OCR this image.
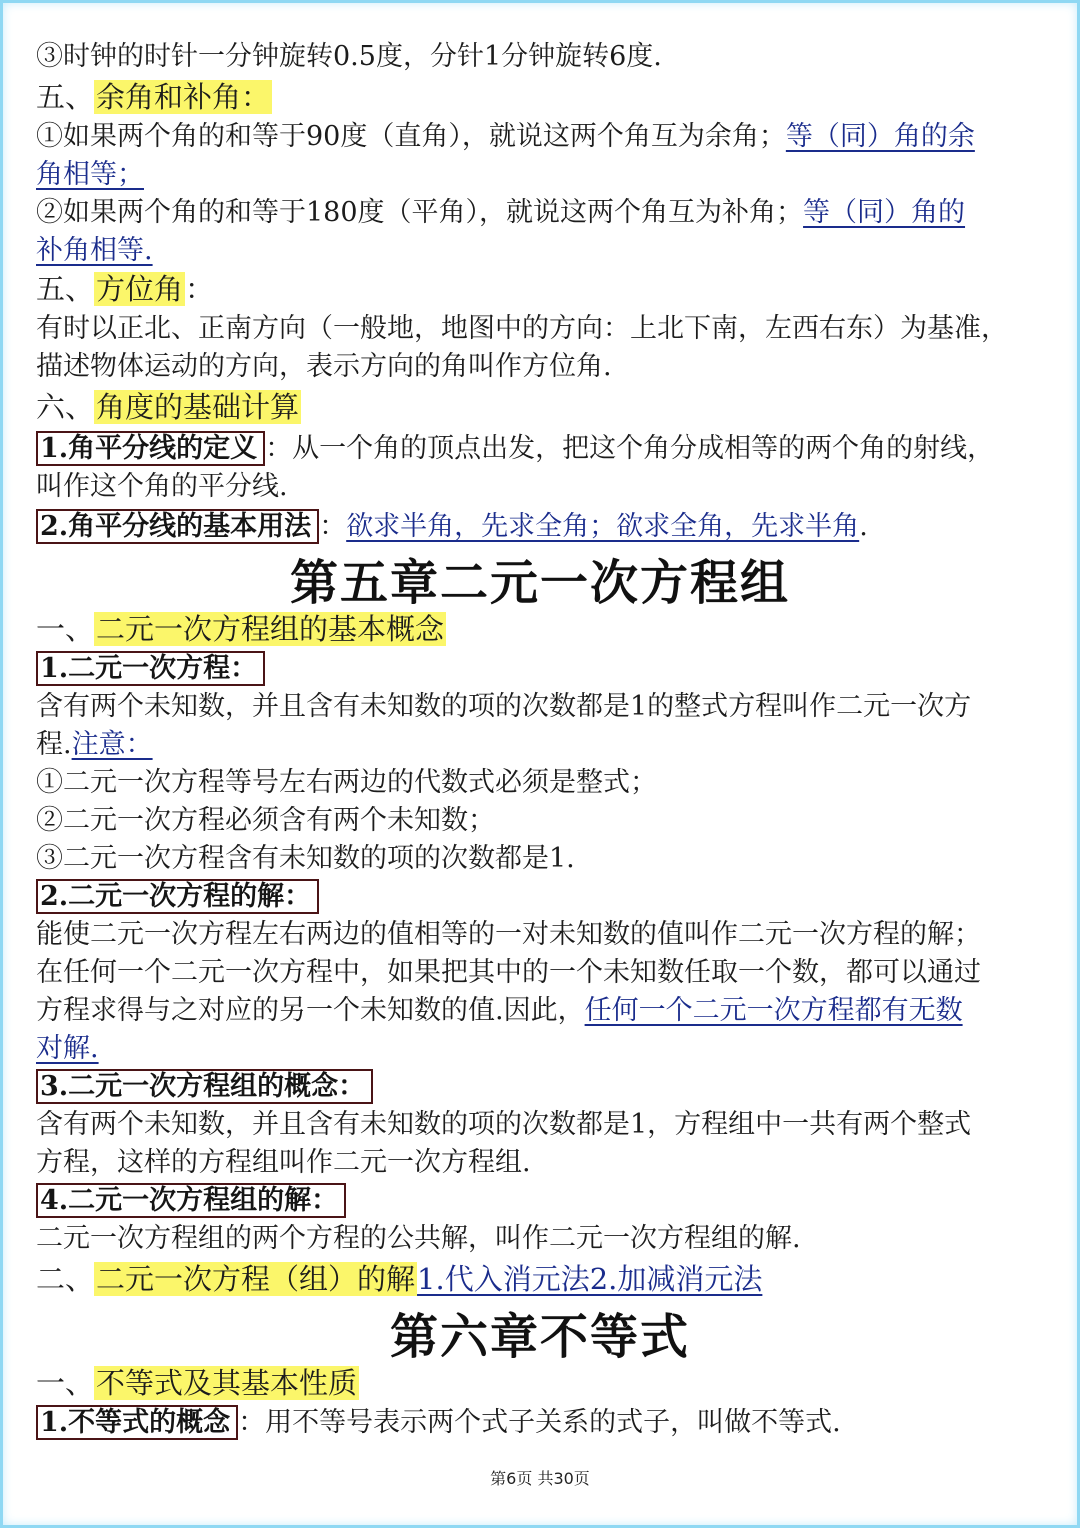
③时钟的时针一分钟旋转0.5度，分针1分钟旋转6度.
五、余角和补角：
①如果两个角的和等于90度（直角），就说这两个角互为余角；等（同）角的余
角相等；
②如果两个角的和等于180度（平角），就说这两个角互为补角；等（同）角的
补角相等.
五、方位角：
有时以正北、正南方向（一般地，地图中的方向：上北下南，左西右东）为基准，
描述物体运动的方向，表示方向的角叫作方位角.
六、角度的基础计算
1.角平分线的定义 ：从一个角的顶点出发，把这个角分成相等的两个角的射线，
叫作这个角的平分线.
2.角平分线的基本用法 ：欲求半角，先求全角；欲求全角，先求半角.
第五章二元一次方程组
一、二元一次方程组的基本概念
1.二元一次方程：
含有两个未知数，并且含有未知数的项的次数都是1的整式方程叫作二元一次方
程.注意：
①二元一次方程等号左右两边的代数式必须是整式；
②二元一次方程必须含有两个未知数；
③二元一次方程含有未知数的项的次数都是1.
2.二元一次方程的解：
能使二元一次方程左右两边的值相等的一对未知数的值叫作二元一次方程的解；
在任何一个二元一次方程中，如果把其中的一个未知数任取一个数，都可以通过
方程求得与之对应的另一个未知数的值.因此，任何一个二元一次方程都有无数
对解.
3.二元一次方程组的概念：
含有两个未知数，并且含有未知数的项的次数都是1，方程组中一共有两个整式
方程，这样的方程组叫作二元一次方程组.
4.二元一次方程组的解：
二元一次方程组的两个方程的公共解，叫作二元一次方程组的解.
二、二元一次方程（组）的解1.代入消元法2.加减消元法
第六章不等式
一、不等式及其基本性质
1.不等式的概念 ：用不等号表示两个式子关系的式子，叫做不等式.
第6页 共30页
